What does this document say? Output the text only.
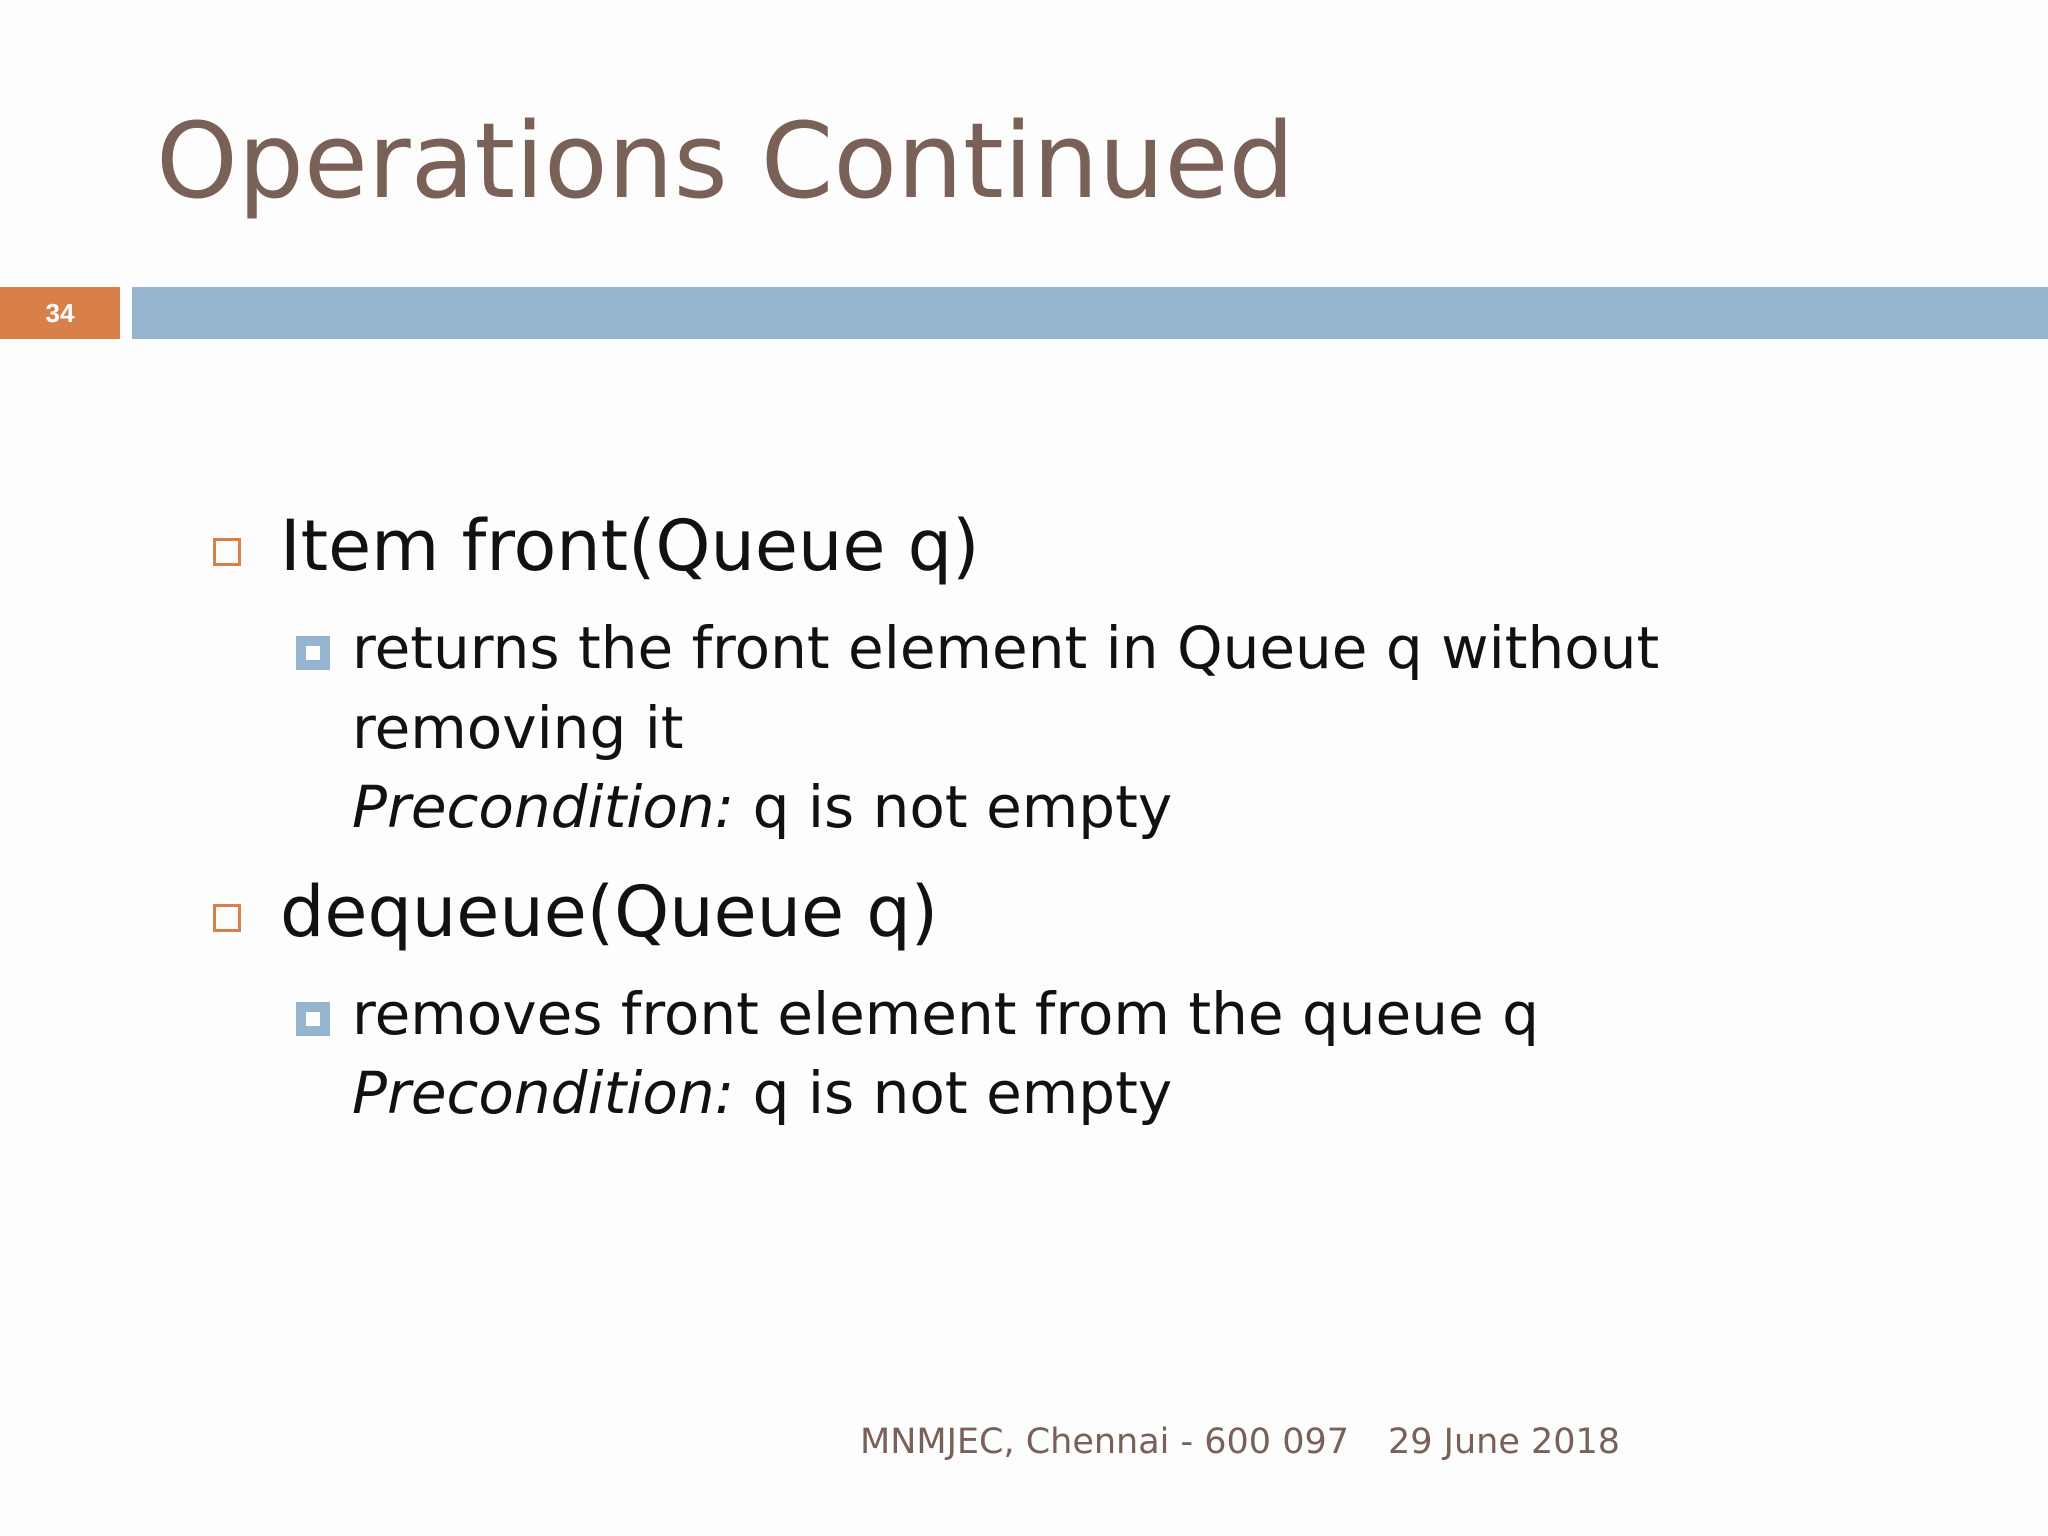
Operations Continued
34
Item front(Queue q)
returns the front element in Queue q without
removing it
Precondition: q is not empty
dequeue(Queue q)
removes front element from the queue q
Precondition: q is not empty
MNMJEC, Chennai - 600 097 29 June 2018
